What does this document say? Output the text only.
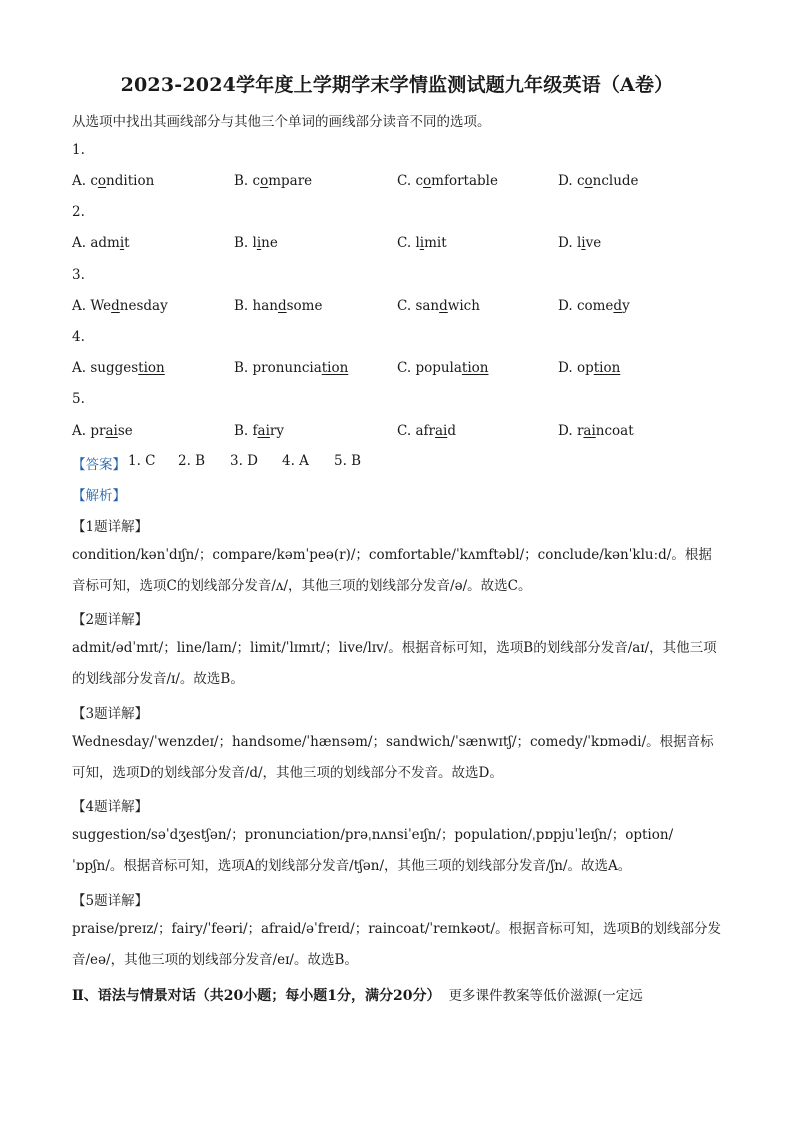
2023-2024学年度上学期学末学情监测试题九年级英语（A卷）
从选项中找出其画线部分与其他三个单词的画线部分读音不同的选项。
1.
A. condition	B. compare	C. comfortable	D. conclude
2.
A. admit	B. line	C. limit	D. live
3.
A. Wednesday	B. handsome	C. sandwich	D. comedy
4.
A. suggestion	B. pronunciation	C. population	D. option
5.
A. praise	B. fairy	C. afraid	D. raincoat
【答案】 1. C 2. B 3. D 4. A 5. B
【解析】
【1题详解】
condition/kənˈdɪʃn/；compare/kəmˈpeə(r)/；comfortable/ˈkʌmftəbl/；conclude/kənˈkluːd/。根据音标可知，选项C的划线部分发音/ʌ/，其他三项的划线部分发音/ə/。故选C。
【2题详解】
admit/ədˈmɪt/；line/laɪn/；limit/ˈlɪmɪt/；live/lɪv/。根据音标可知，选项B的划线部分发音/aɪ/，其他三项的划线部分发音/ɪ/。故选B。
【3题详解】
Wednesday/ˈwenzdeɪ/；handsome/ˈhænsəm/；sandwich/ˈsænwɪtʃ/；comedy/ˈkɒmədi/。根据音标可知，选项D的划线部分发音/d/，其他三项的划线部分不发音。故选D。
【4题详解】
suggestion/səˈdʒestʃən/；pronunciation/prəˌnʌnsiˈeɪʃn/；population/ˌpɒpjuˈleɪʃn/；option/ˈɒpʃn/。根据音标可知，选项A的划线部分发音/tʃən/，其他三项的划线部分发音/ʃn/。故选A。
【5题详解】
praise/preɪz/；fairy/ˈfeəri/；afraid/əˈfreɪd/；raincoat/ˈreɪnkəʊt/。根据音标可知，选项B的划线部分发音/eə/，其他三项的划线部分发音/eɪ/。故选B。
Ⅱ、语法与情景对话（共20小题；每小题1分，满分20分） 更多课件教案等低价滋源(一定远
